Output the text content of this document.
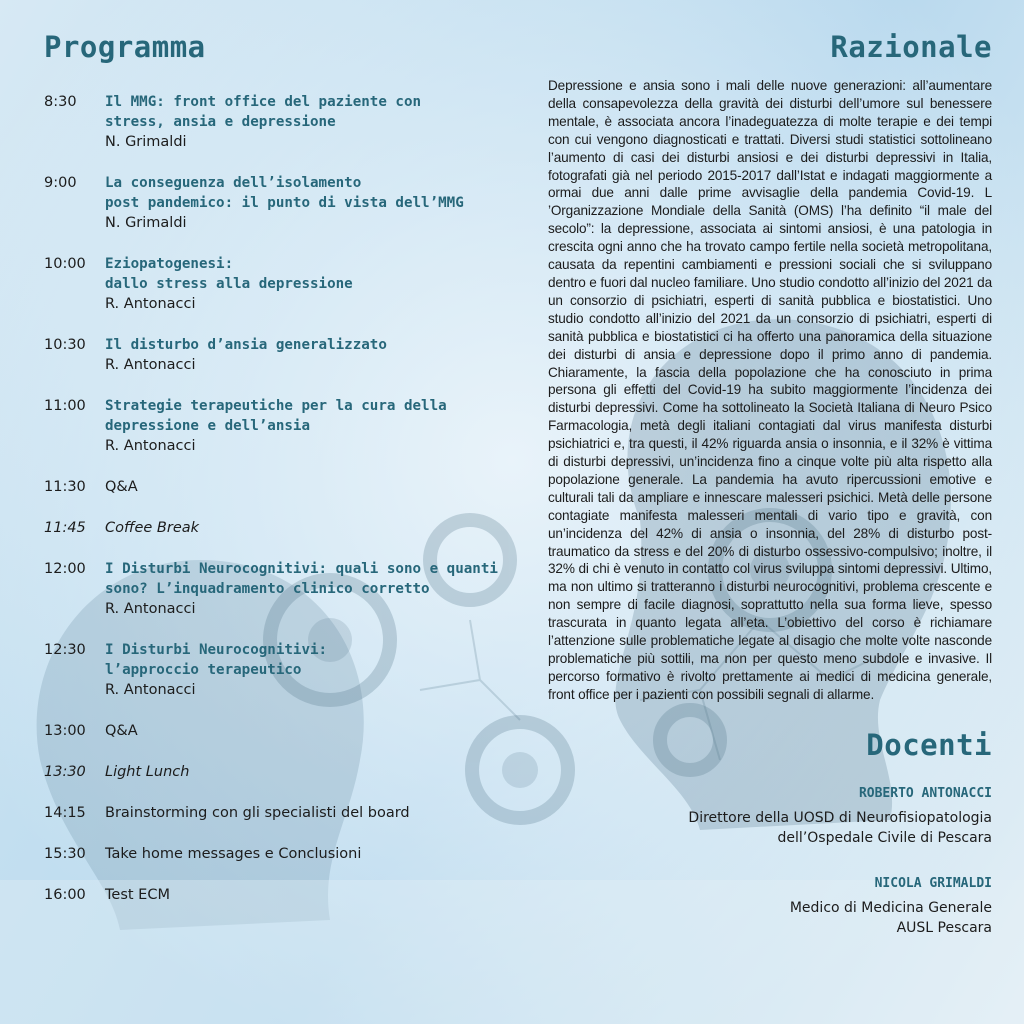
Programma
8:30 Il MMG: front office del paziente con
stress, ansia e depressione
N. Grimaldi
9:00 La conseguenza dell’isolamento
post pandemico: il punto di vista dell’MMG
N. Grimaldi
10:00 Eziopatogenesi:
dallo stress alla depressione
R. Antonacci
10:30 Il disturbo d’ansia generalizzato
R. Antonacci
11:00 Strategie terapeutiche per la cura della
depressione e dell’ansia
R. Antonacci
11:30 Q&A
11:45 Coffee Break
12:00 I Disturbi Neurocognitivi: quali sono e quanti
sono? L’inquadramento clinico corretto
R. Antonacci
12:30 I Disturbi Neurocognitivi:
l’approccio terapeutico
R. Antonacci
13:00 Q&A
13:30 Light Lunch
14:15 Brainstorming con gli specialisti del board
15:30 Take home messages e Conclusioni
16:00 Test ECM
Razionale
Depressione e ansia sono i mali delle nuove generazioni: all’aumentare della consapevolezza della gravità dei disturbi dell’umore sul benessere mentale, è associata ancora l’inadeguatezza di molte terapie e dei tempi con cui vengono diagnosticati e trattati. Diversi studi statistici sottolineano l’aumento di casi dei disturbi ansiosi e dei disturbi depressivi in Italia, fotografati già nel periodo 2015-2017 dall’Istat e indagati maggiormente a ormai due anni dalle prime avvisaglie della pandemia Covid-19. L ’Organizzazione Mondiale della Sanità (OMS) l’ha definito “il male del secolo”: la depressione, associata ai sintomi ansiosi, è una patologia in crescita ogni anno che ha trovato campo fertile nella società metropolitana, causata da repentini cambiamenti e pressioni sociali che si sviluppano dentro e fuori dal nucleo familiare. Uno studio condotto all’inizio del 2021 da un consorzio di psichiatri, esperti di sanità pubblica e biostatistici. Uno studio condotto all’inizio del 2021 da un consorzio di psichiatri, esperti di sanità pubblica e biostatistici ci ha offerto una panoramica della situazione dei disturbi di ansia e depressione dopo il primo anno di pandemia. Chiaramente, la fascia della popolazione che ha conosciuto in prima persona gli effetti del Covid-19 ha subito maggiormente l’incidenza dei disturbi depressivi. Come ha sottolineato la Società Italiana di Neuro Psico Farmacologia, metà degli italiani contagiati dal virus manifesta disturbi psichiatrici e, tra questi, il 42% riguarda ansia o insonnia, e il 32% è vittima di disturbi depressivi, un’incidenza fino a cinque volte più alta rispetto alla popolazione generale. La pandemia ha avuto ripercussioni emotive e culturali tali da ampliare e innescare malesseri psichici. Metà delle persone contagiate manifesta malesseri mentali di vario tipo e gravità, con un’incidenza del 42% di ansia o insonnia, del 28% di disturbo post-traumatico da stress e del 20% di disturbo ossessivo-compulsivo; inoltre, il 32% di chi è venuto in contatto col virus sviluppa sintomi depressivi. Ultimo, ma non ultimo si tratteranno i disturbi neurocognitivi, problema crescente e non sempre di facile diagnosi, soprattutto nella sua forma lieve, spesso trascurata in quanto legata all’eta. L’obiettivo del corso è richiamare l’attenzione sulle problematiche legate al disagio che molte volte nasconde problematiche più sottili, ma non per questo meno subdole e invasive. Il percorso formativo è rivolto prettamente ai medici di medicina generale, front office per i pazienti con possibili segnali di allarme.
Docenti
ROBERTO ANTONACCI
Direttore della UOSD di Neurofisiopatologia
dell’Ospedale Civile di Pescara
NICOLA GRIMALDI
Medico di Medicina Generale
AUSL Pescara
